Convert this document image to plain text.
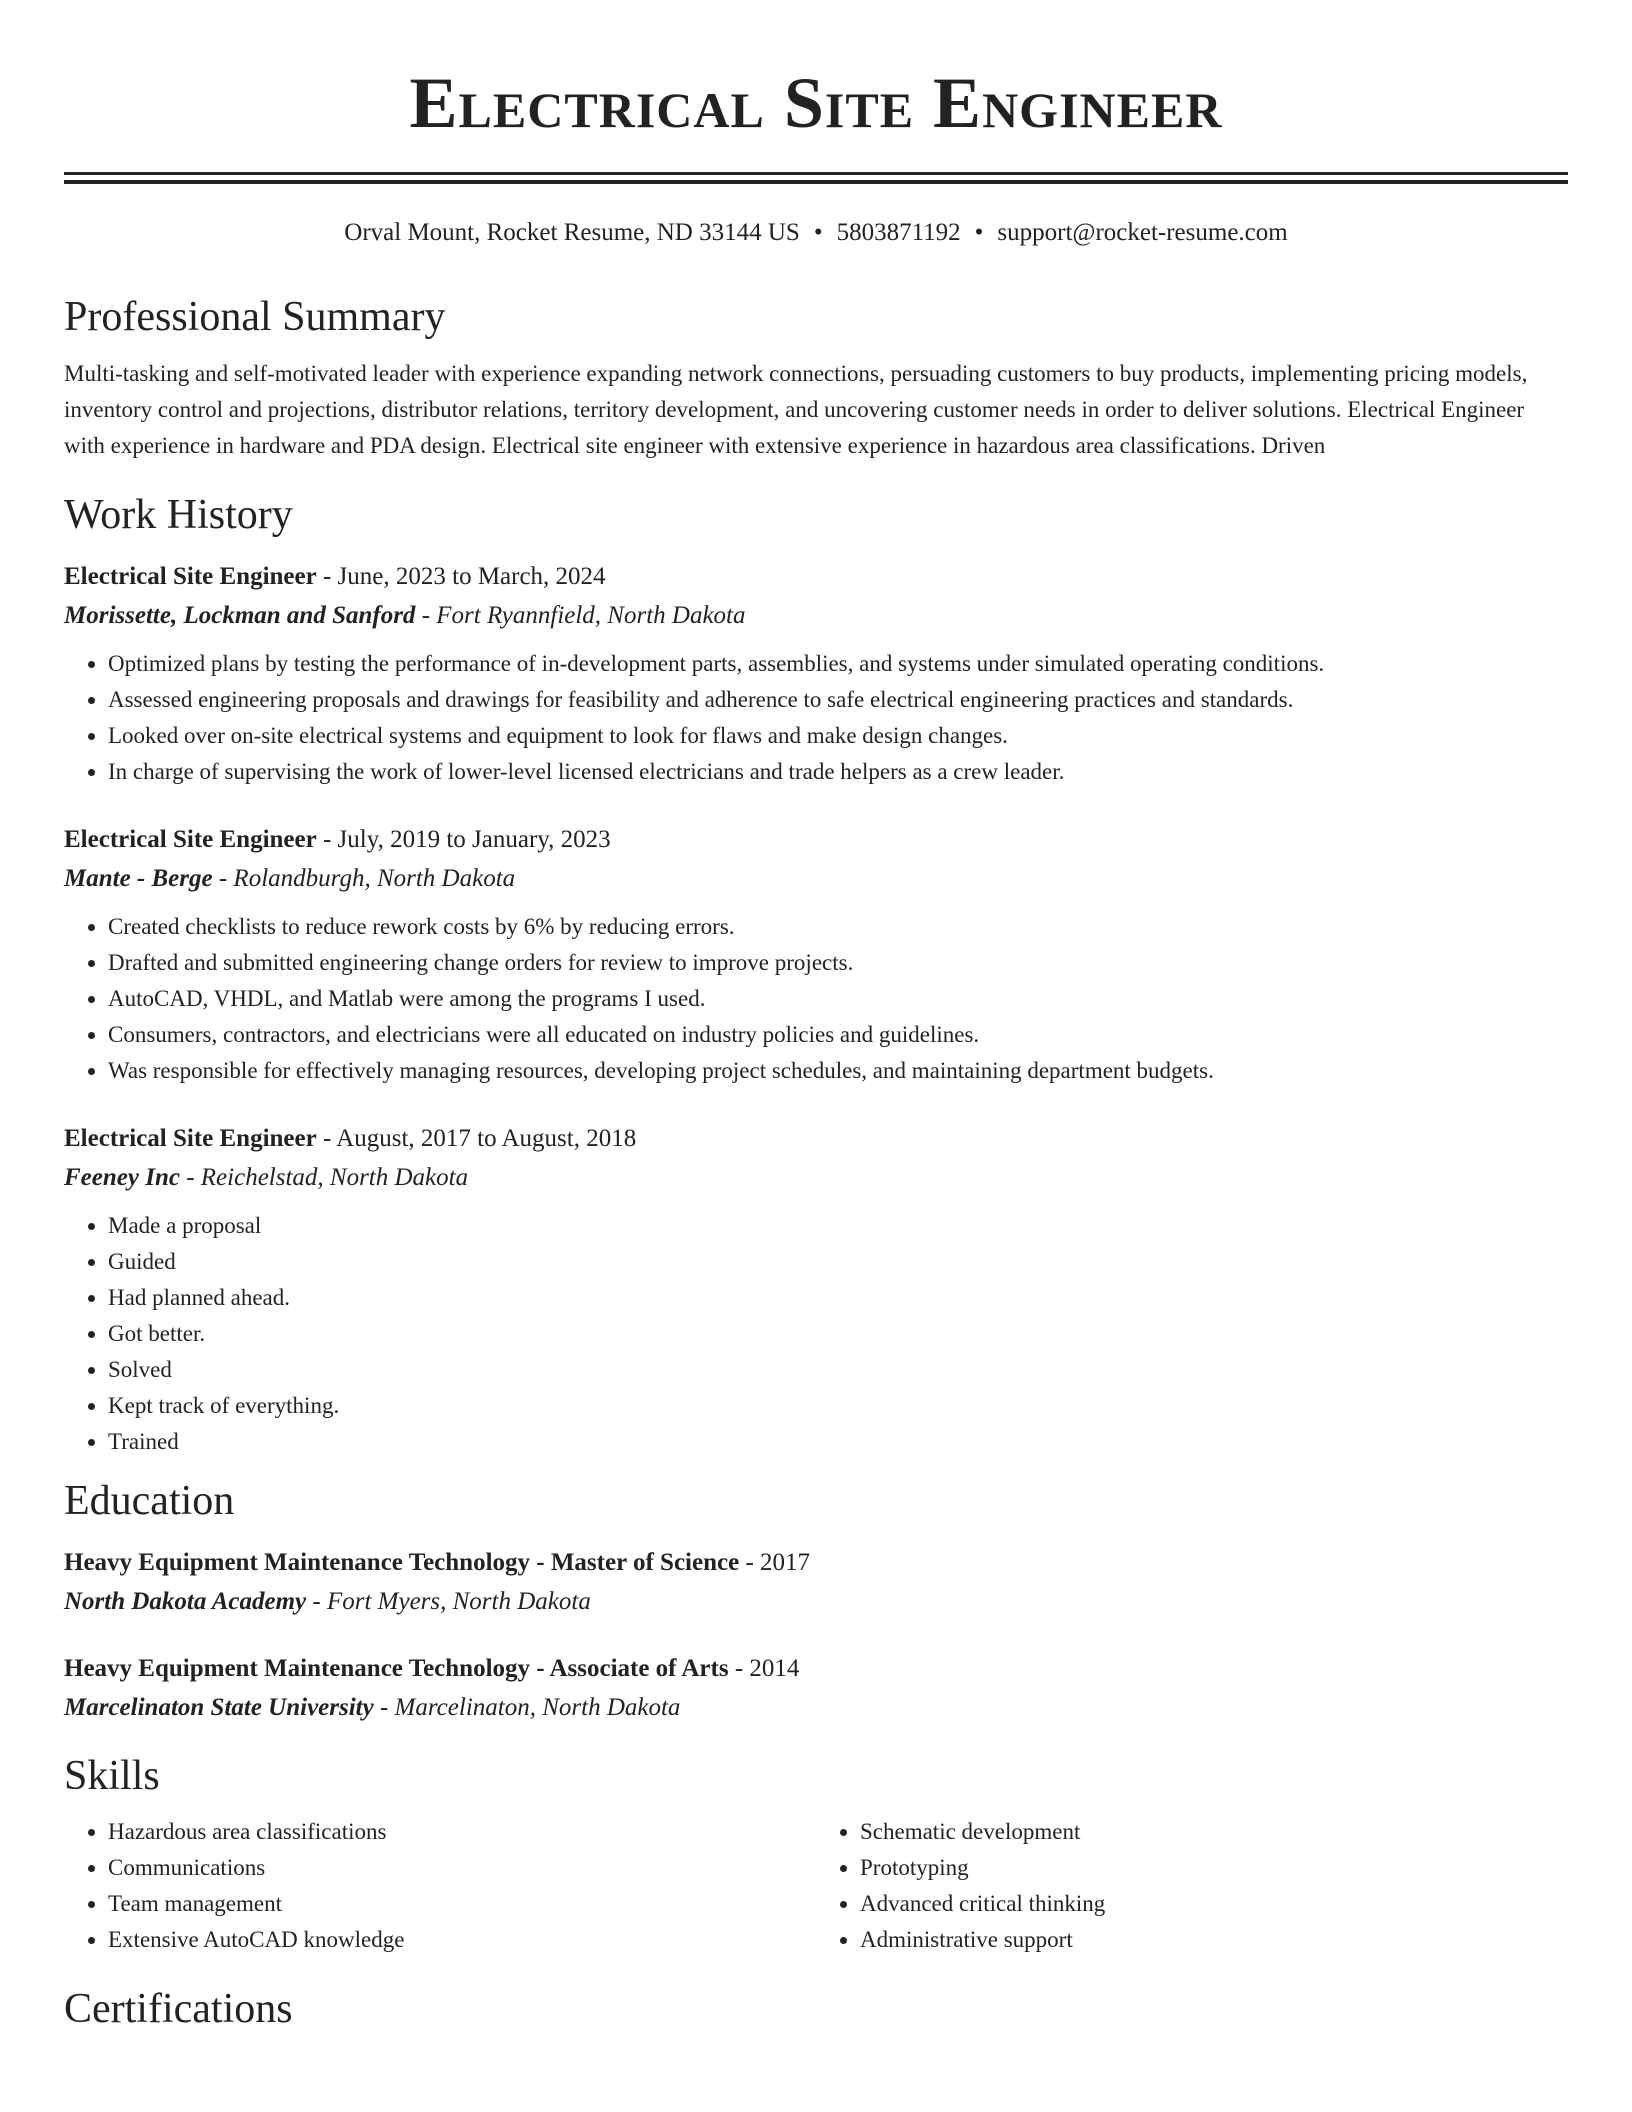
Electrical Site Engineer
Orval Mount, Rocket Resume, ND 33144 US • 5803871192 • support@rocket-resume.com
Professional Summary

Multi-tasking and self-motivated leader with experience expanding network connections, persuading customers to buy products, implementing pricing models, inventory control and projections, distributor relations, territory development, and uncovering customer needs in order to deliver solutions. Electrical Engineer with experience in hardware and PDA design. Electrical site engineer with extensive experience in hazardous area classifications. Driven

Work History
Electrical Site Engineer - June, 2023 to March, 2024
Morissette, Lockman and Sanford - Fort Ryannfield, North Dakota
• Optimized plans by testing the performance of in-development parts, assemblies, and systems under simulated operating conditions.
• Assessed engineering proposals and drawings for feasibility and adherence to safe electrical engineering practices and standards.
• Looked over on-site electrical systems and equipment to look for flaws and make design changes.
• In charge of supervising the work of lower-level licensed electricians and trade helpers as a crew leader.
Electrical Site Engineer - July, 2019 to January, 2023
Mante - Berge - Rolandburgh, North Dakota
• Created checklists to reduce rework costs by 6% by reducing errors.
• Drafted and submitted engineering change orders for review to improve projects.
• AutoCAD, VHDL, and Matlab were among the programs I used.
• Consumers, contractors, and electricians were all educated on industry policies and guidelines.
• Was responsible for effectively managing resources, developing project schedules, and maintaining department budgets.
Electrical Site Engineer - August, 2017 to August, 2018
Feeney Inc - Reichelstad, North Dakota
• Made a proposal
• Guided
• Had planned ahead.
• Got better.
• Solved
• Kept track of everything.
• Trained
Education
Heavy Equipment Maintenance Technology - Master of Science - 2017
North Dakota Academy - Fort Myers, North Dakota
Heavy Equipment Maintenance Technology - Associate of Arts - 2014
Marcelinaton State University - Marcelinaton, North Dakota
Skills
• Hazardous area classifications
• Communications
• Team management
• Extensive AutoCAD knowledge
• Schematic development
• Prototyping
• Advanced critical thinking
• Administrative support
Certifications
